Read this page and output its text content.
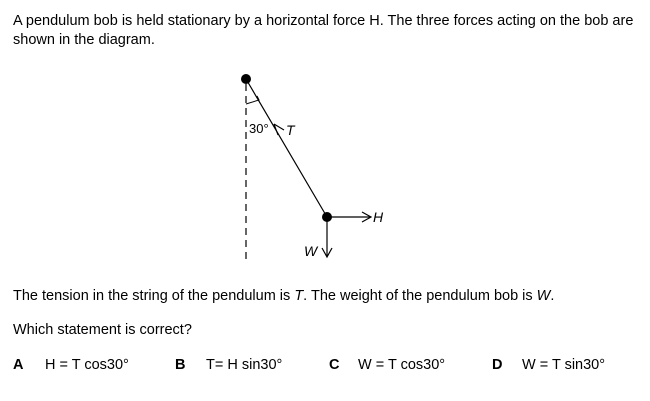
A pendulum bob is held stationary by a horizontal force H. The three forces acting on the bob are
shown in the diagram.

30° T
H
W

The tension in the string of the pendulum is T. The weight of the pendulum bob is W.

Which statement is correct?

A H = T cos30°	B T= H sin30°	C W = T cos30°	D W = T sin30°
